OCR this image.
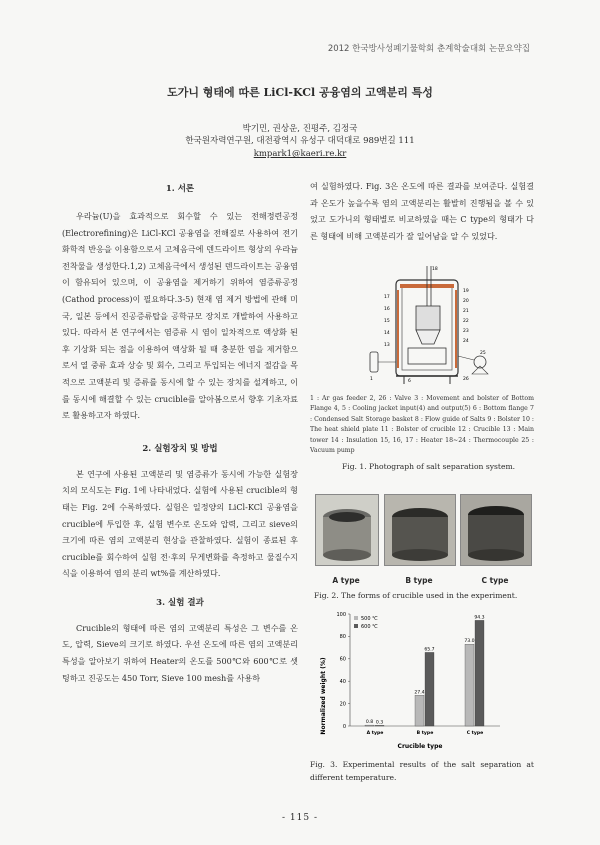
2012 한국방사성폐기물학회 춘계학술대회 논문요약집
도가니 형태에 따른 LiCl-KCl 공융염의 고액분리 특성
박기민, 권상운, 진평주, 김정국
한국원자력연구원, 대전광역시 유성구 대덕대로 989번길 111
kmpark1@kaeri.re.kr
1. 서론

우라늄(U)을 효과적으로 회수할 수 있는 전해정련공정(Electrorefining)은 LiCl-KCl 공융염을 전해질로 사용하여 전기화학적 반응을 이용함으로서 고체음극에 덴드라이트 형상의 우라늄 전착물을 생성한다.1,2) 고체음극에서 생성된 덴드라이트는 공융염이 함유되어 있으며, 이 공융염을 제거하기 위하여 염증류공정(Cathod process)이 필요하다.3-5) 현재 염 제거 방법에 관해 미국, 일본 등에서 진공증류탑을 공학규모 장치로 개발하여 사용하고 있다. 따라서 본 연구에서는 염증류 시 염이 일차적으로 액상화 된 후 기상화 되는 점을 이용하여 액상화 될 때 충분한 염을 제거함으로서 열 중류 효과 상승 및 회수, 그리고 투입되는 에너지 절감을 목적으로 고액분리 및 증류를 동시에 할 수 있는 장치를 설계하고, 이를 동시에 해결할 수 있는 crucible를 알아봄으로서 향후 기초자료로 활용하고자 하였다.

2. 실험장치 및 방법

본 연구에 사용된 고액분리 및 염증류가 동시에 가능한 실험장치의 모식도는 Fig. 1에 나타내었다. 실험에 사용된 crucible의 형태는 Fig. 2에 수록하였다. 실험은 일정양의 LiCl-KCl 공융염을 crucible에 투입한 후, 실험 변수로 온도와 압력, 그리고 sieve의 크기에 따른 염의 고액분리 현상을 관찰하였다. 실험이 종료된 후 crucible를 회수하여 실험 전·후의 무게변화를 측정하고 물질수지식을 이용하여 염의 분리 wt%를 계산하였다.

3. 실험 결과

Crucible의 형태에 따른 염의 고액분리 특성은 그 변수를 온도, 압력, Sieve의 크기로 하였다. 우선 온도에 따른 염의 고액분리 특성을 알아보기 위하여 Heater의 온도를 500℃와 600℃로 셋팅하고 진공도는 450 Torr, Sieve 100 mesh를 사용하

여 실험하였다. Fig. 3은 온도에 따른 결과를 보여준다. 실험결과 온도가 높을수록 염의 고액분리는 활발히 진행됨을 볼 수 있었고 도가니의 형태별로 비교하였을 때는 C type의 형태가 다른 형태에 비해 고액분리가 잘 일어남을 알 수 있었다.

18
17
16
15
14
13
19
20
21
22
23
24
25
26
1	6
1 : Ar gas feeder 2, 26 : Valve 3 : Movement and bolster of Bottom Flange 4, 5 : Cooling jacket input(4) and output(5) 6 : Bottom flange 7 : Condensed Salt Storage basket 8 : Flow guide of Salts 9 : Bolster 10 : The heat shield plate 11 : Bolster of crucible 12 : Crucible 13 : Main tower 14 : Insulation 15, 16, 17 : Heater 18~24 : Thermocouple 25 : Vacuum pump
Fig. 1. Photograph of salt separation system.
A type	B type	C type
Fig. 2. The forms of crucible used in the experiment.
Normalized weight (%)
Crucible type
500 ℃
600 ℃
0
20
40
60
80
100
0.8 0.3
A type
27.4
65.7
B type
73.0
94.3
C type
Fig. 3. Experimental results of the salt separation at different temperature.
- 115 -
